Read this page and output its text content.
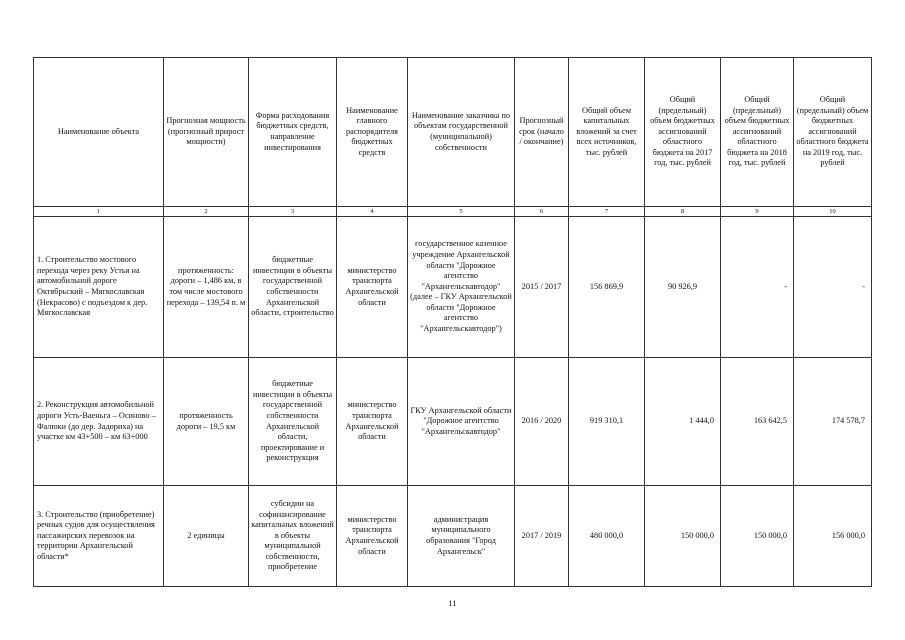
Наименование объекта	Прогнозная мощность (прогнозный прирост мощности)	Форма расходования бюджетных средств, направление инвестирования	Наименование главного распорядителя бюджетных средств	Наименование заказчика по объектам государственной (муниципальной) собственности	Прогнозный срок (начало / окончание)	Общий объем капитальных вложений за счет всех источников, тыс. рублей	Общий (предельный) объем бюджетных ассигнований областного бюджета на 2017 год, тыс. рублей	Общий (предельный) объем бюджетных ассигнований областного бюджета на 2018 год, тыс. рублей	Общий (предельный) объем бюджетных ассигнований областного бюджета на 2019 год, тыс. рублей
1	2	3	4	5	6	7	8	9	10
1. Строительство мостового перехода через реку Устья на автомобильной дороге Октябрьский – Мягкославская (Некрасово) с подъездом к дер. Мягкославская	протяженность: дороги – 1,486 км, в том числе мостового перехода – 139,54 п. м	бюджетные инвестиции в объекты государственной собственности Архангельской области, строительство	министерство транспорта Архангельской области	государственное казенное учреждение Архангельской области "Дорожное агентство "Архангельскавтодор" (далее – ГКУ Архангельской области "Дорожное агентство "Архангельскавтодор")	2015 / 2017	156 869,9	90 926,9	-	-
2. Реконструкция автомобильной дороги Усть-Ваеньга – Осиново – Фалюки (до дер. Задориха) на участке км 43+500 – км 63+000	протяженность дороги – 19,5 км	бюджетные инвестиции в объекты государственной собственности Архангельской области, проектирование и реконструкция	министерство транспорта Архангельской области	ГКУ Архангельской области "Дорожное агентство "Архангельскавтодор"	2016 / 2020	919 310,1	1 444,0	163 642,5	174 578,7
3. Строительство (приобретение) речных судов для осуществления пассажирских перевозок на территории Архангельской области*	2 единицы	субсидии на софинансирование капитальных вложений в объекты муниципальной собственности, приобретение	министерство транспорта Архангельской области	администрация муниципального образования "Город Архангельск"	2017 / 2019	480 000,0	150 000,0	150 000,0	156 000,0
11
